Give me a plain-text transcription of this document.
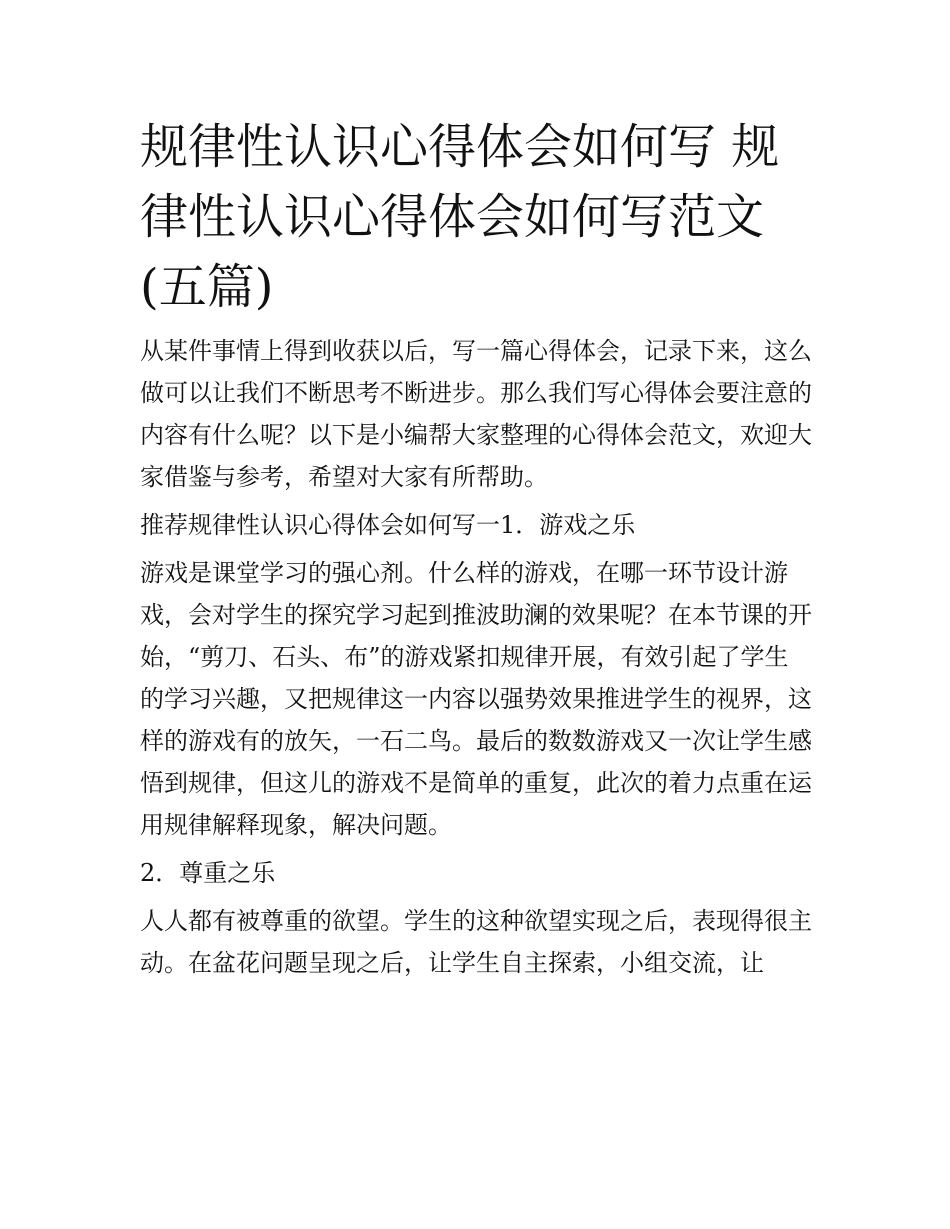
规律性认识心得体会如何写 规律性认识心得体会如何写范文(五篇)

从某件事情上得到收获以后，写一篇心得体会，记录下来，这么做可以让我们不断思考不断进步。那么我们写心得体会要注意的内容有什么呢？以下是小编帮大家整理的心得体会范文，欢迎大家借鉴与参考，希望对大家有所帮助。

推荐规律性认识心得体会如何写一1．游戏之乐

游戏是课堂学习的强心剂。什么样的游戏，在哪一环节设计游戏，会对学生的探究学习起到推波助澜的效果呢？在本节课的开始，“剪刀、石头、布”的游戏紧扣规律开展，有效引起了学生的学习兴趣，又把规律这一内容以强势效果推进学生的视界，这样的游戏有的放矢，一石二鸟。最后的数数游戏又一次让学生感悟到规律，但这儿的游戏不是简单的重复，此次的着力点重在运用规律解释现象，解决问题。

2．尊重之乐

人人都有被尊重的欲望。学生的这种欲望实现之后，表现得很主动。在盆花问题呈现之后，让学生自主探索，小组交流，让
